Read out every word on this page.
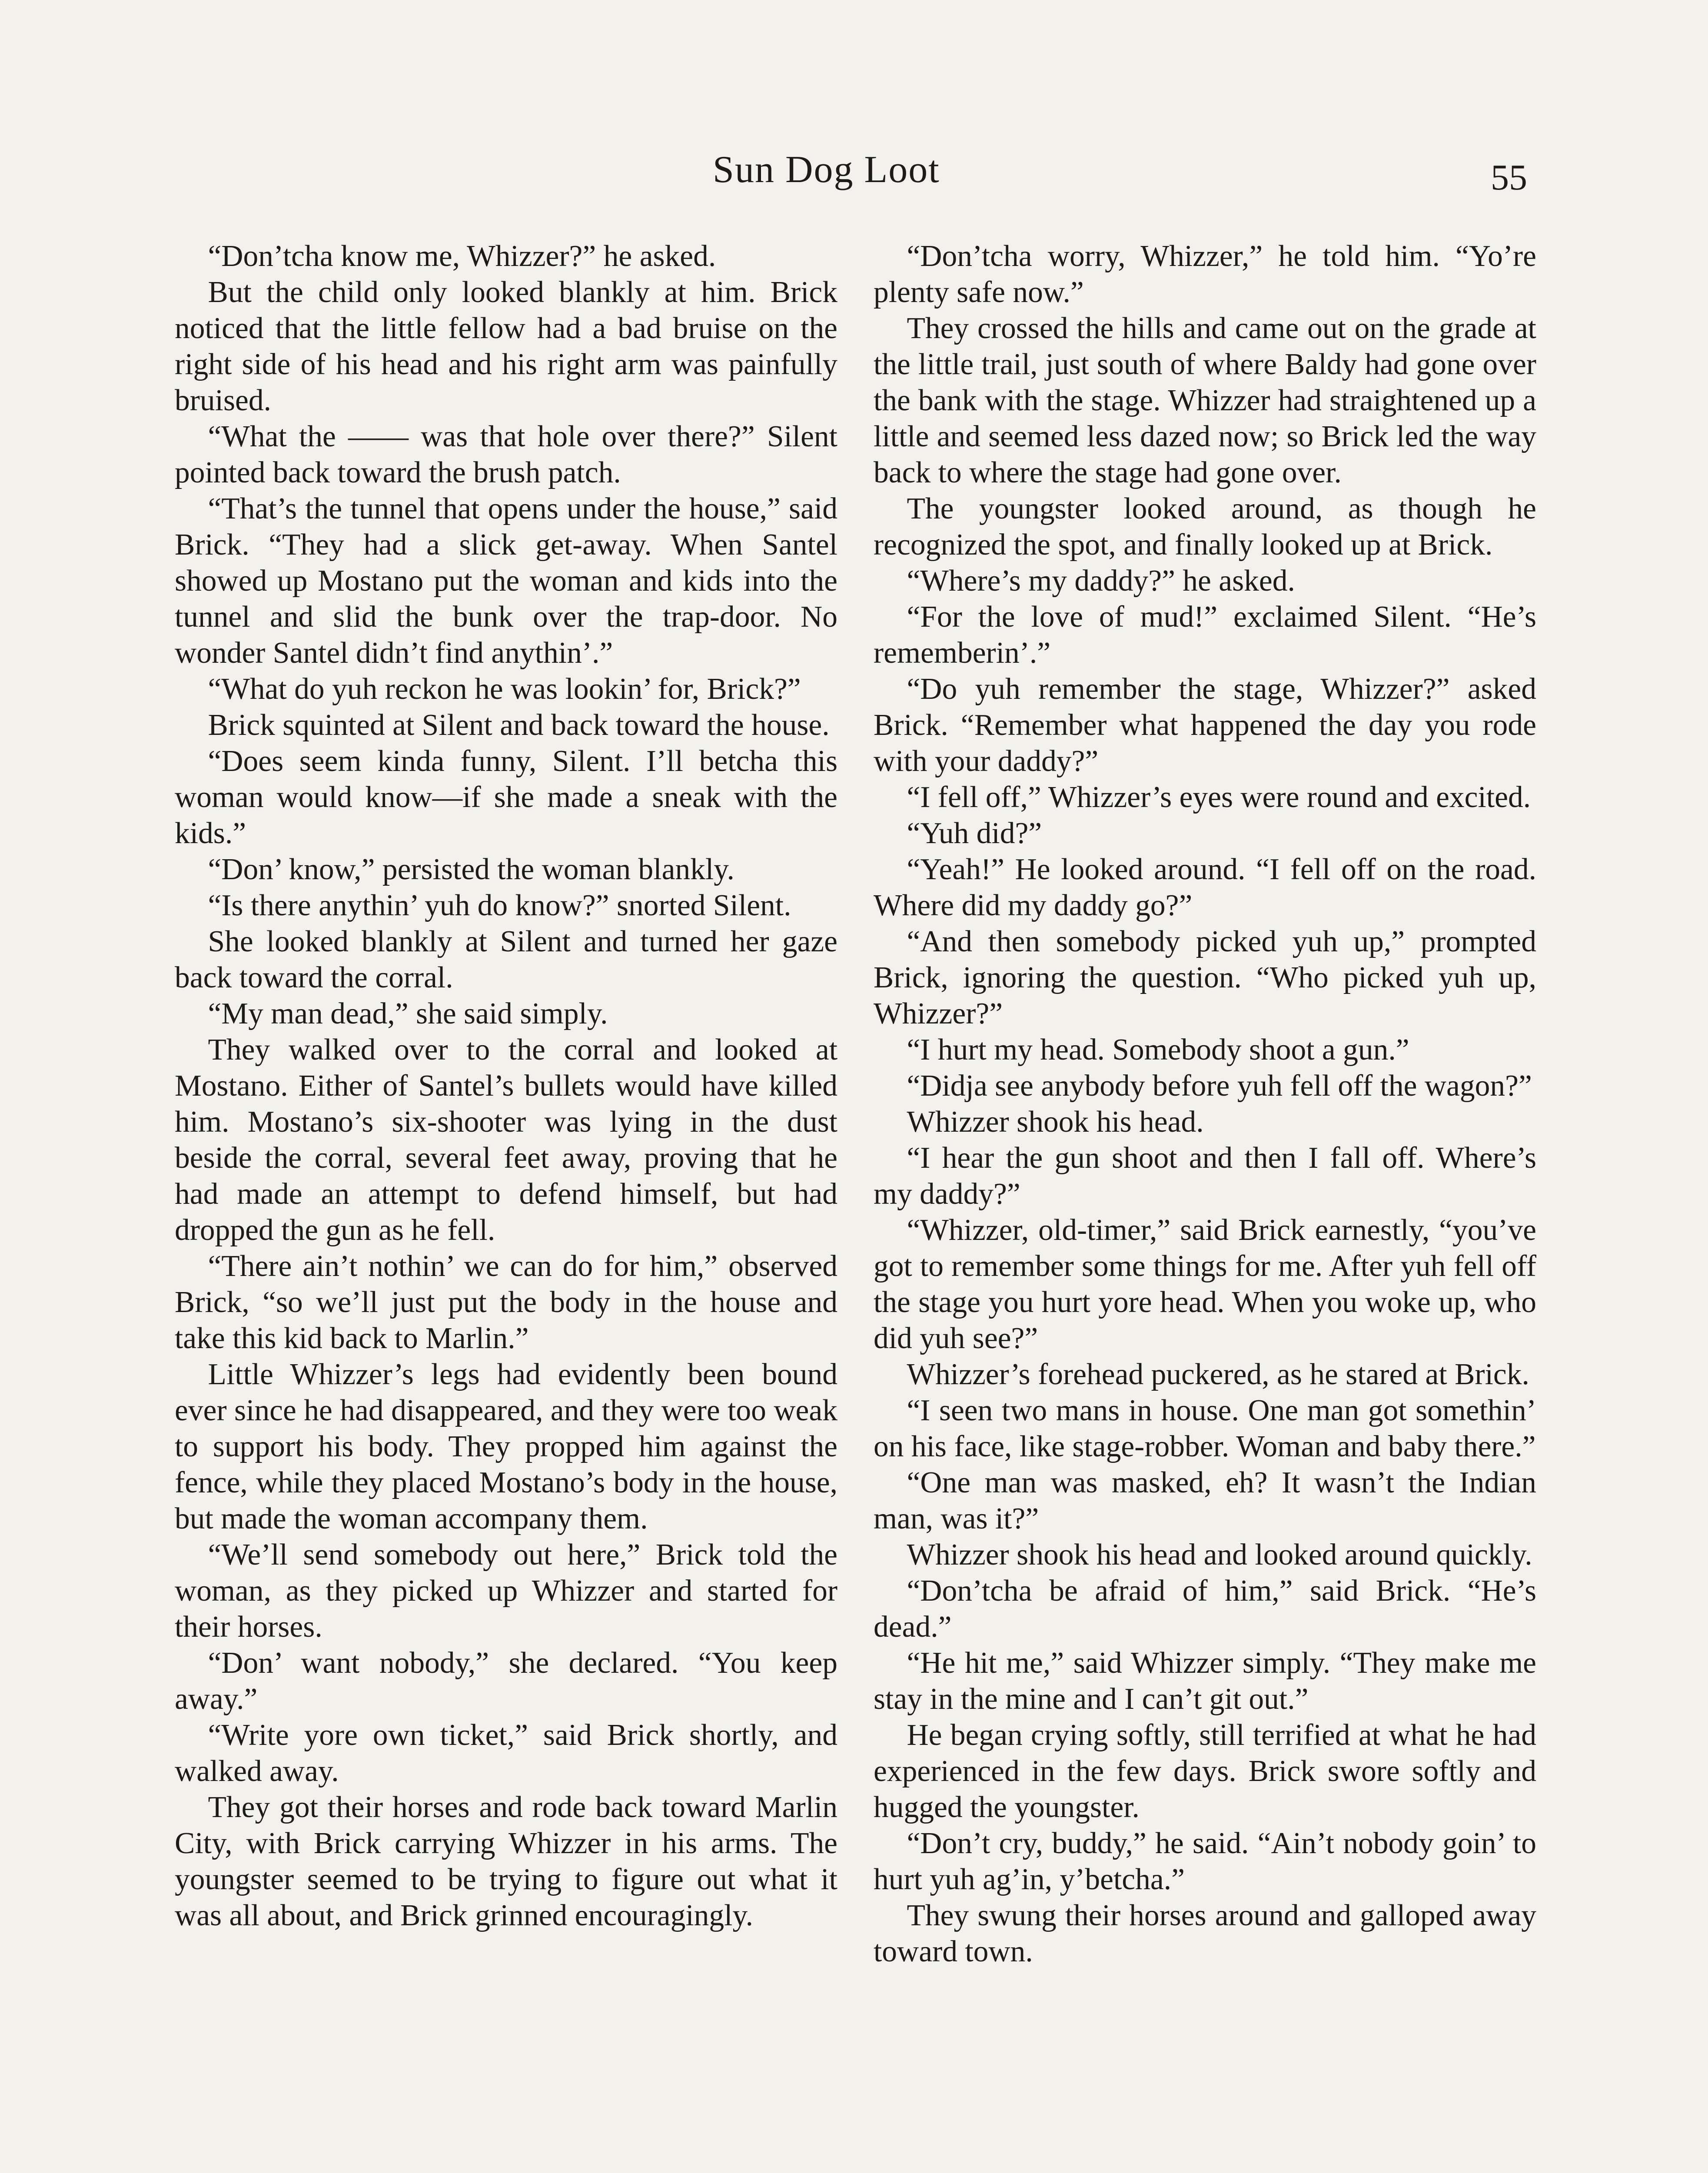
Sun Dog Loot	55

“Don’tcha know me, Whizzer?” he asked.

But the child only looked blankly at him. Brick noticed that the little fellow had a bad bruise on the right side of his head and his right arm was painfully bruised.

“What the —— was that hole over there?” Silent pointed back toward the brush patch.

“That’s the tunnel that opens under the house,” said Brick. “They had a slick get-away. When Santel showed up Mostano put the woman and kids into the tunnel and slid the bunk over the trap-door. No wonder Santel didn’t find anythin’.”

“What do yuh reckon he was lookin’ for, Brick?”

Brick squinted at Silent and back toward the house.

“Does seem kinda funny, Silent. I’ll betcha this woman would know—if she made a sneak with the kids.”

“Don’ know,” persisted the woman blankly.

“Is there anythin’ yuh do know?” snorted Silent.

She looked blankly at Silent and turned her gaze back toward the corral.

“My man dead,” she said simply.

They walked over to the corral and looked at Mostano. Either of Santel’s bullets would have killed him. Mostano’s six-shooter was lying in the dust beside the corral, several feet away, proving that he had made an attempt to defend himself, but had dropped the gun as he fell.

“There ain’t nothin’ we can do for him,” observed Brick, “so we’ll just put the body in the house and take this kid back to Marlin.”

Little Whizzer’s legs had evidently been bound ever since he had disappeared, and they were too weak to support his body. They propped him against the fence, while they placed Mostano’s body in the house, but made the woman accompany them.

“We’ll send somebody out here,” Brick told the woman, as they picked up Whizzer and started for their horses.

“Don’ want nobody,” she declared. “You keep away.”

“Write yore own ticket,” said Brick shortly, and walked away.

They got their horses and rode back toward Marlin City, with Brick carrying Whizzer in his arms. The youngster seemed to be trying to figure out what it was all about, and Brick grinned encouragingly.

“Don’tcha worry, Whizzer,” he told him. “Yo’re plenty safe now.”

They crossed the hills and came out on the grade at the little trail, just south of where Baldy had gone over the bank with the stage. Whizzer had straightened up a little and seemed less dazed now; so Brick led the way back to where the stage had gone over.

The youngster looked around, as though he recognized the spot, and finally looked up at Brick.

“Where’s my daddy?” he asked.

“For the love of mud!” exclaimed Silent. “He’s rememberin’.”

“Do yuh remember the stage, Whizzer?” asked Brick. “Remember what happened the day you rode with your daddy?”

“I fell off,” Whizzer’s eyes were round and excited.

“Yuh did?”

“Yeah!” He looked around. “I fell off on the road. Where did my daddy go?”

“And then somebody picked yuh up,” prompted Brick, ignoring the question. “Who picked yuh up, Whizzer?”

“I hurt my head. Somebody shoot a gun.”

“Didja see anybody before yuh fell off the wagon?”

Whizzer shook his head.

“I hear the gun shoot and then I fall off. Where’s my daddy?”

“Whizzer, old-timer,” said Brick earnestly, “you’ve got to remember some things for me. After yuh fell off the stage you hurt yore head. When you woke up, who did yuh see?”

Whizzer’s forehead puckered, as he stared at Brick.

“I seen two mans in house. One man got somethin’ on his face, like stage-robber. Woman and baby there.”

“One man was masked, eh? It wasn’t the Indian man, was it?”

Whizzer shook his head and looked around quickly.

“Don’tcha be afraid of him,” said Brick. “He’s dead.”

“He hit me,” said Whizzer simply. “They make me stay in the mine and I can’t git out.”

He began crying softly, still terrified at what he had experienced in the few days. Brick swore softly and hugged the youngster.

“Don’t cry, buddy,” he said. “Ain’t nobody goin’ to hurt yuh ag’in, y’betcha.”

They swung their horses around and galloped away toward town.
